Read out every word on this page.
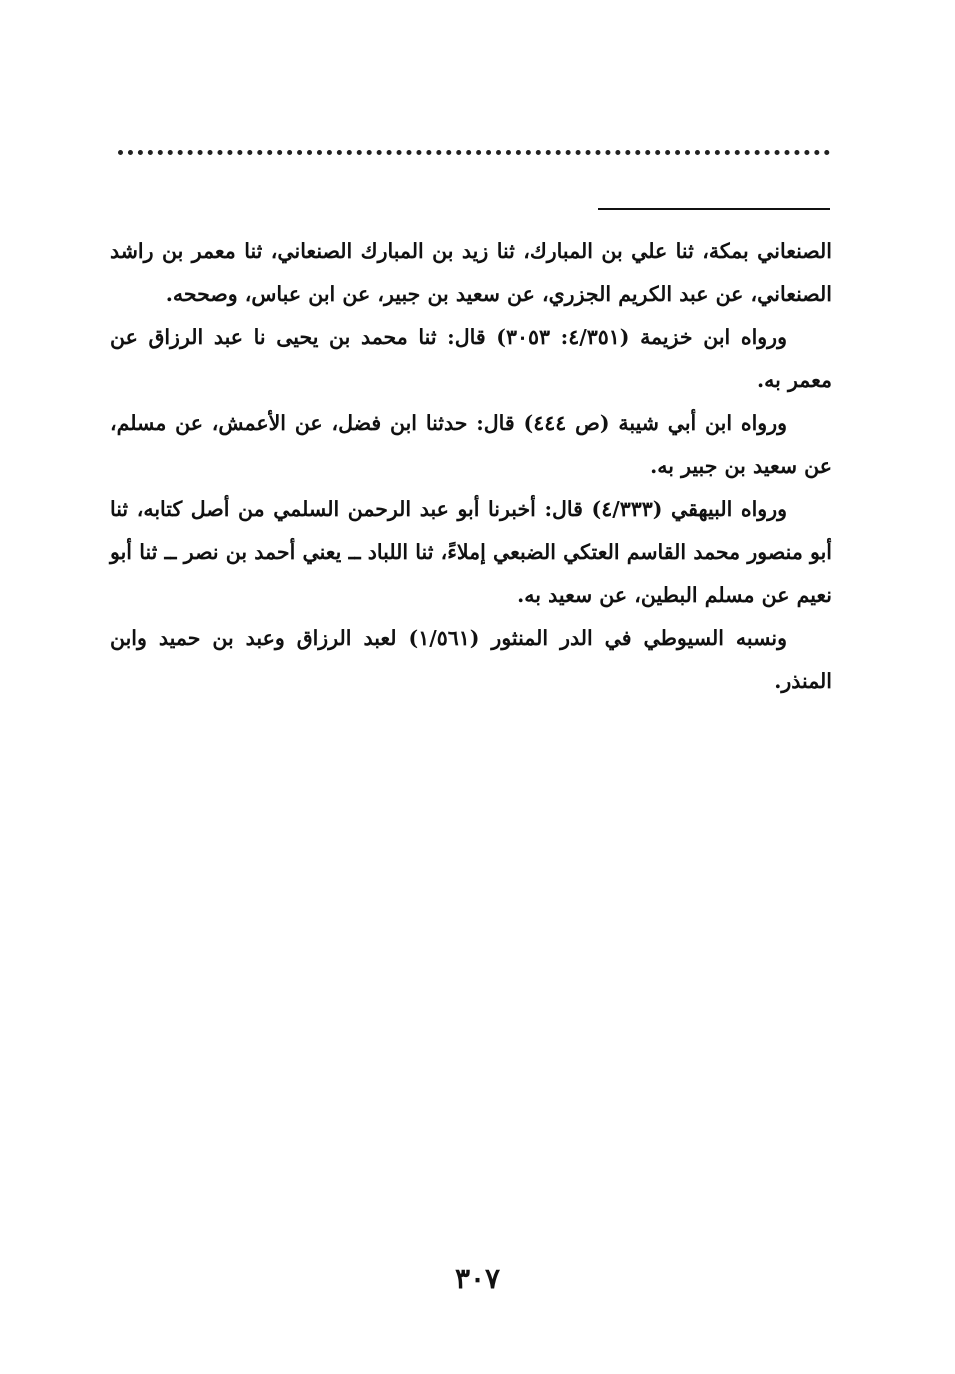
الصنعاني بمكة، ثنا علي بن المبارك، ثنا زيد بن المبارك الصنعاني، ثنا معمر بن راشد الصنعاني، عن عبد الكريم الجزري، عن سعيد بن جبير، عن ابن عباس، وصححه.

ورواه ابن خزيمة (٤/٣٥١: ٣٠٥٣) قال: ثنا محمد بن يحيى نا عبد الرزاق عن معمر به.

ورواه ابن أبي شيبة (ص ٤٤٤) قال: حدثنا ابن فضل، عن الأعمش، عن مسلم، عن سعيد بن جبير به.

ورواه البيهقي (٤/٣٣٣) قال: أخبرنا أبو عبد الرحمن السلمي من أصل كتابه، ثنا أبو منصور محمد القاسم العتكي الضبعي إملاءً، ثنا اللباد ــ يعني أحمد بن نصر ــ ثنا أبو نعيم عن مسلم البطين، عن سعيد به.

ونسبه السيوطي في الدر المنثور (١/٥٦١) لعبد الرزاق وعبد بن حميد وابن المنذر.

٣٠٧
